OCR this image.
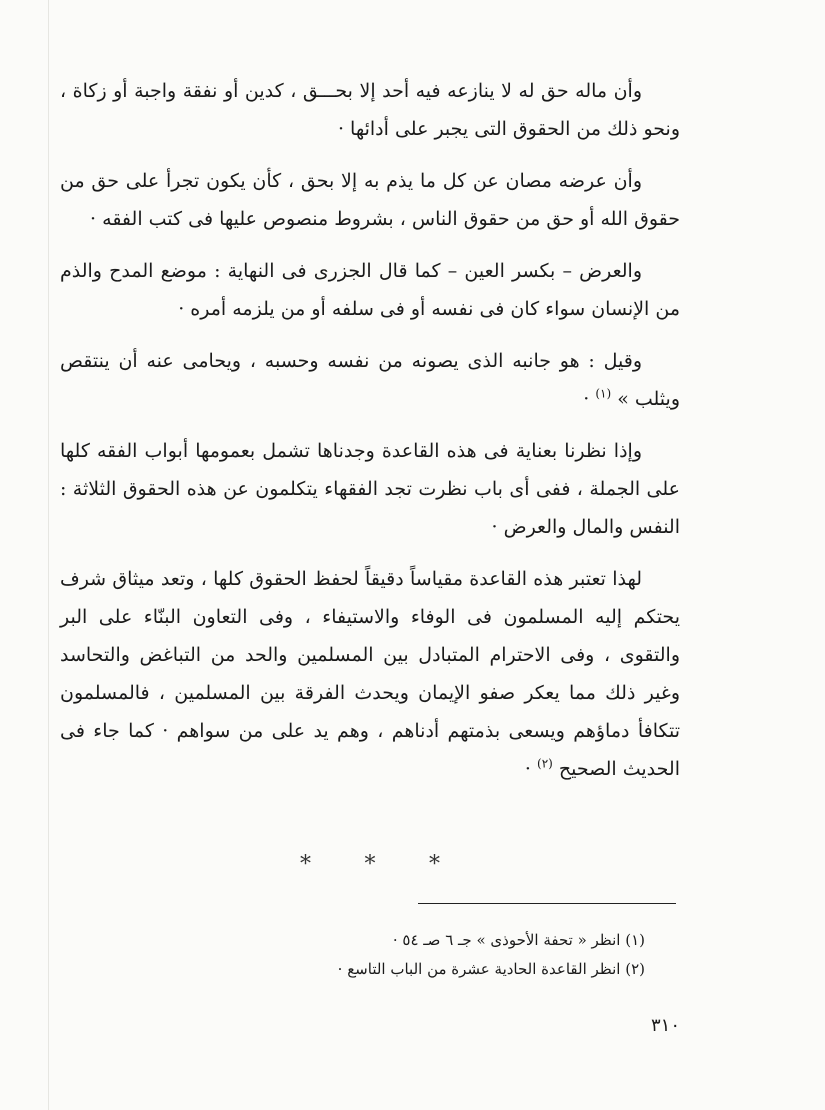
وأن ماله حق له لا ينازعه فيه أحد إلا بحـــق ، كدين أو نفقة واجبة أو زكاة ، ونحو ذلك من الحقوق التى يجبر على أدائها ·

وأن عرضه مصان عن كل ما يذم به إلا بحق ، كأن يكون تجرأ على حق من حقوق الله أو حق من حقوق الناس ، بشروط منصوص عليها فى كتب الفقه ·

والعرض – بكسر العين – كما قال الجزرى فى النهاية : موضع المدح والذم من الإنسان سواء كان فى نفسه أو فى سلفه أو من يلزمه أمره ·

وقيل : هو جانبه الذى يصونه من نفسه وحسبه ، ويحامى عنه أن ينتقص ويثلب » $^{(١)}$ ·

وإذا نظرنا بعناية فى هذه القاعدة وجدناها تشمل بعمومها أبواب الفقه كلها على الجملة ، ففى أى باب نظرت تجد الفقهاء يتكلمون عن هذه الحقوق الثلاثة : النفس والمال والعرض ·

لهذا تعتبر هذه القاعدة مقياساً دقيقاً لحفظ الحقوق كلها ، وتعد ميثاق شرف يحتكم إليه المسلمون فى الوفاء والاستيفاء ، وفى التعاون البنّاء على البر والتقوى ، وفى الاحترام المتبادل بين المسلمين والحد من التباغض والتحاسد وغير ذلك مما يعكر صفو الإيمان ويحدث الفرقة بين المسلمين ، فالمسلمون تتكافأ دماؤهم ويسعى بذمتهم أدناهم ، وهم يد على من سواهم · كما جاء فى الحديث الصحيح $^{(٢)}$ ·

* * *

(١) انظر « تحفة الأحوذى » جـ ٦ صـ ٥٤ ·

(٢) انظر القاعدة الحادية عشرة من الباب التاسع ·

٣١٠
